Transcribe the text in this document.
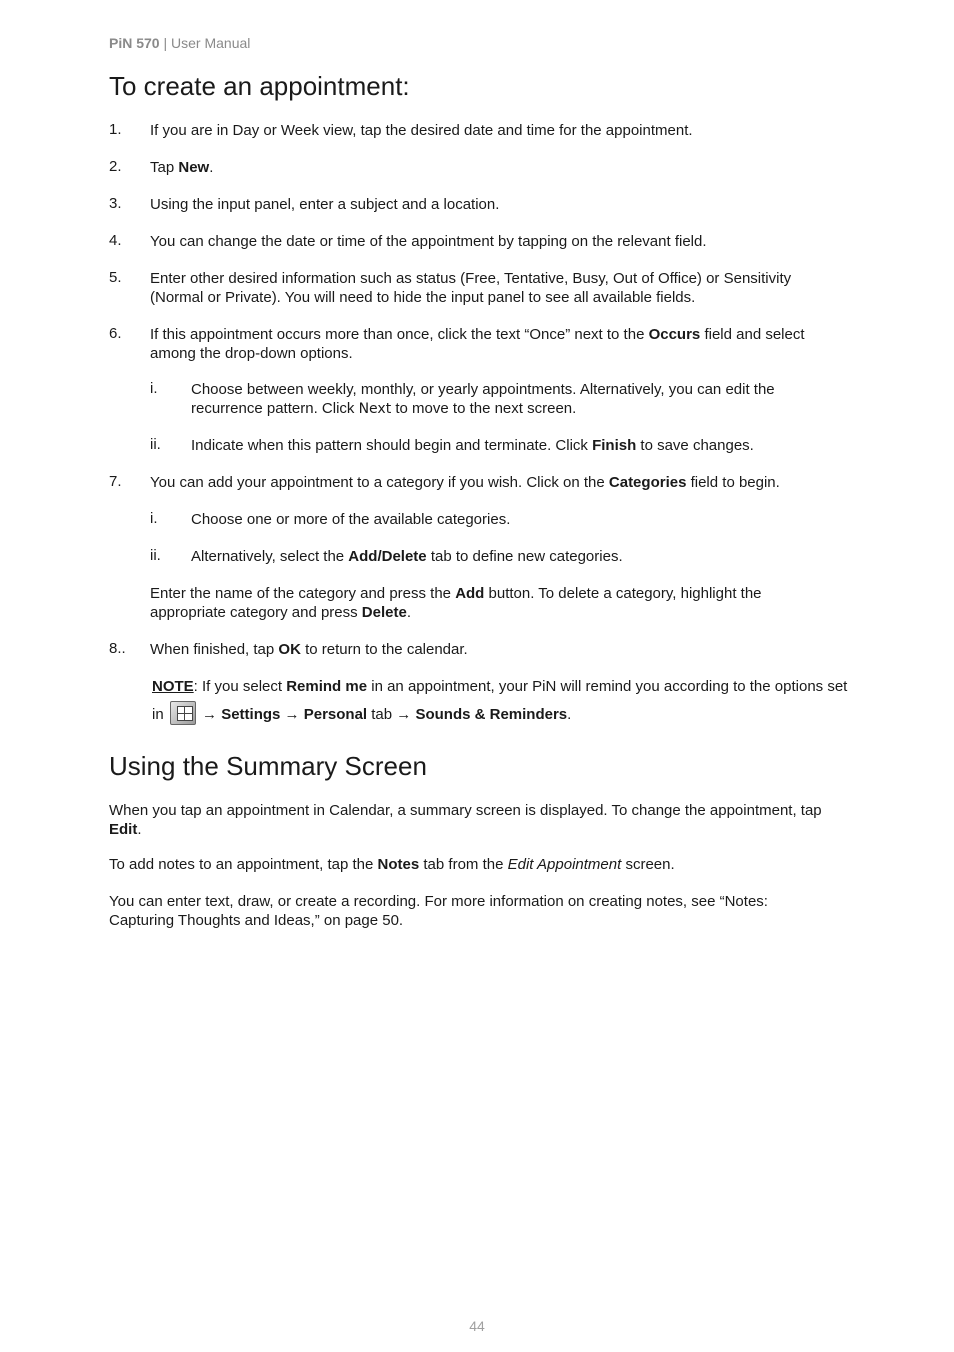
PiN 570 | User Manual
To create an appointment:
1. If you are in Day or Week view, tap the desired date and time for the appointment.
2. Tap New.
3. Using the input panel, enter a subject and a location.
4. You can change the date or time of the appointment by tapping on the relevant field.
5. Enter other desired information such as status (Free, Tentative, Busy, Out of Office) or Sensitivity
(Normal or Private). You will need to hide the input panel to see all available fields.
6. If this appointment occurs more than once, click the text “Once” next to the Occurs field and select
among the drop-down options.
i. Choose between weekly, monthly, or yearly appointments. Alternatively, you can edit the
recurrence pattern. Click Next to move to the next screen.
ii. Indicate when this pattern should begin and terminate. Click Finish to save changes.
7. You can add your appointment to a category if you wish. Click on the Categories field to begin.
i. Choose one or more of the available categories.
ii. Alternatively, select the Add/Delete tab to define new categories.
Enter the name of the category and press the Add button. To delete a category, highlight the
appropriate category and press Delete.
8.. When finished, tap OK to return to the calendar.
NOTE: If you select Remind me in an appointment, your PiN will remind you according to the options set
in
→ Settings → Personal tab → Sounds & Reminders.
Using the Summary Screen
When you tap an appointment in Calendar, a summary screen is displayed. To change the appointment, tap
Edit.
To add notes to an appointment, tap the Notes tab from the Edit Appointment screen.
You can enter text, draw, or create a recording. For more information on creating notes, see “Notes:
Capturing Thoughts and Ideas,” on page 50.
44
